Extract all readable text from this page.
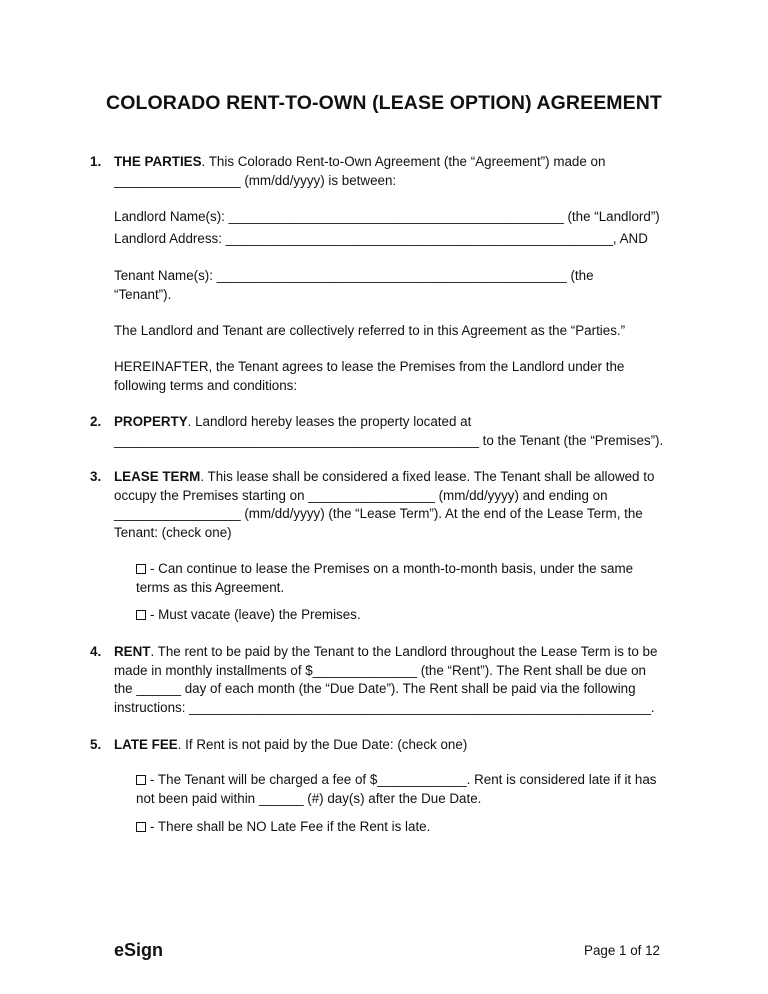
COLORADO RENT-TO-OWN (LEASE OPTION) AGREEMENT
1. THE PARTIES. This Colorado Rent-to-Own Agreement (the “Agreement”) made on
_________________ (mm/dd/yyyy) is between:
Landlord Name(s): _____________________________________________ (the “Landlord”)
Landlord Address: ____________________________________________________, AND
Tenant Name(s): _______________________________________________ (the
“Tenant”).
The Landlord and Tenant are collectively referred to in this Agreement as the “Parties.”
HEREINAFTER, the Tenant agrees to lease the Premises from the Landlord under the
following terms and conditions:
2. PROPERTY. Landlord hereby leases the property located at
_________________________________________________ to the Tenant (the “Premises”).
3. LEASE TERM. This lease shall be considered a fixed lease. The Tenant shall be allowed to
occupy the Premises starting on _________________ (mm/dd/yyyy) and ending on
_________________ (mm/dd/yyyy) (the “Lease Term”). At the end of the Lease Term, the
Tenant: (check one)
- Can continue to lease the Premises on a month-to-month basis, under the same
terms as this Agreement.
- Must vacate (leave) the Premises.
4. RENT. The rent to be paid by the Tenant to the Landlord throughout the Lease Term is to be
made in monthly installments of $______________ (the “Rent”). The Rent shall be due on
the ______ day of each month (the “Due Date”). The Rent shall be paid via the following
instructions: ______________________________________________________________.
5. LATE FEE. If Rent is not paid by the Due Date: (check one)
- The Tenant will be charged a fee of $____________. Rent is considered late if it has
not been paid within ______ (#) day(s) after the Due Date.
- There shall be NO Late Fee if the Rent is late.
eSign	Page 1 of 12
